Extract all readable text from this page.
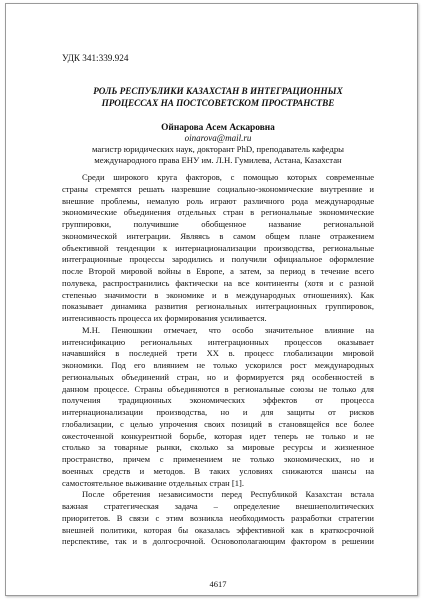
УДК 341:339.924
РОЛЬ РЕСПУБЛИКИ КАЗАХСТАН В ИНТЕГРАЦИОННЫХ
ПРОЦЕССАХ НА ПОСТСОВЕТСКОМ ПРОСТРАНСТВЕ
Ойнарова Асем Аскаровна
oinarova@mail.ru
магистр юридических наук, докторант PhD, преподаватель кафедры
международного права ЕНУ им. Л.Н. Гумилева, Астана, Казахстан
Среди широкого круга факторов, с помощью которых современные
страны стремятся решать назревшие социально-экономические внутренние и
внешние проблемы, немалую роль играют различного рода международные
экономические объединения отдельных стран в региональные экономические
группировки, получившие обобщенное название региональной
экономической интеграции. Являясь в самом общем плане отражением
объективной тенденции к интернационализации производства, региональные
интеграционные процессы зародились и получили официальное оформление
после Второй мировой войны в Европе, а затем, за период в течение всего
полувека, распространились фактически на все континенты (хотя и с разной
степенью значимости в экономике и в международных отношениях). Как
показывает динамика развития региональных интеграционных группировок,
интенсивность процесса их формирования усиливается.
М.Н. Пенюшкин отмечает, что особо значительное влияние на
интенсификацию региональных интеграционных процессов оказывает
начавшийся в последней трети XX в. процесс глобализации мировой
экономики. Под его влиянием не только ускорился рост международных
региональных объединений стран, но и формируется ряд особенностей в
данном процессе. Страны объединяются в региональные союзы не только для
получения традиционных экономических эффектов от процесса
интернационализации производства, но и для защиты от рисков
глобализации, с целью упрочения своих позиций в становящейся все более
ожесточенной конкурентной борьбе, которая идет теперь не только и не
столько за товарные рынки, сколько за мировые ресурсы и жизненное
пространство, причем с применением не только экономических, но и
военных средств и методов. В таких условиях снижаются шансы на
самостоятельное выживание отдельных стран [1].
После обретения независимости перед Республикой Казахстан встала
важная стратегическая задача – определение внешнеполитических
приоритетов. В связи с этим возникла необходимость разработки стратегии
внешней политики, которая бы оказалась эффективной как в краткосрочной
перспективе, так и в долгосрочной. Основополагающим фактором в решении
4617
